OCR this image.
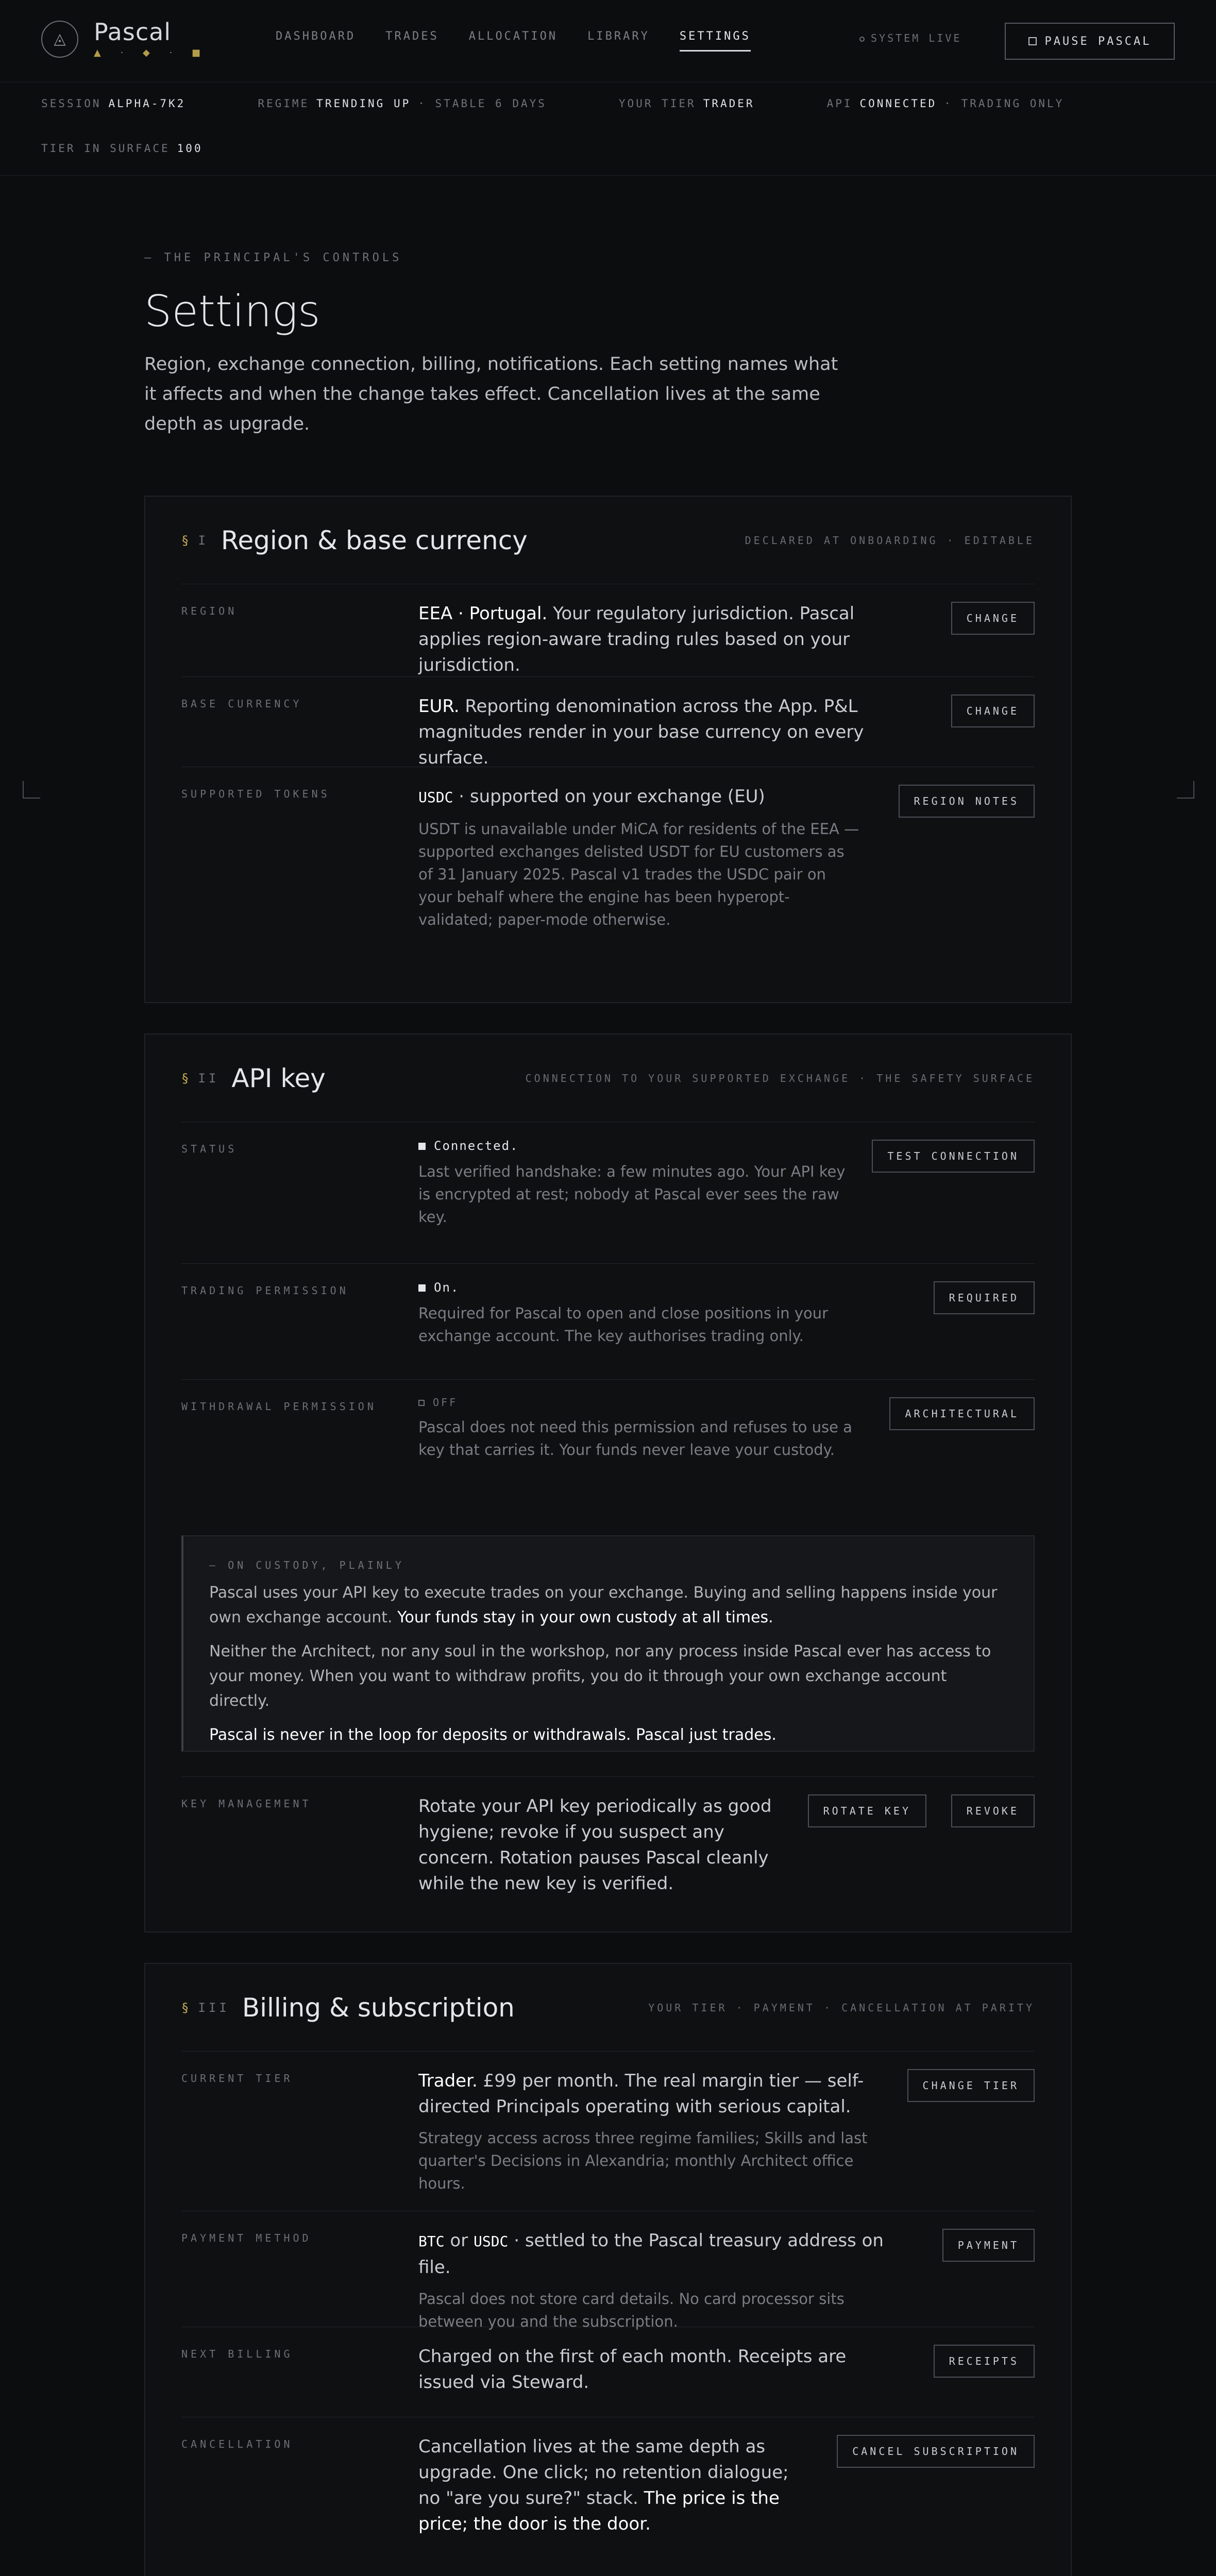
◬	Pascal
▲ · ◆ · ■
DASHBOARD	TRADES	ALLOCATION	LIBRARY	SETTINGS	SYSTEM LIVE	PAUSE PASCAL
SESSION ALPHA-7K2	REGIME TRENDING UP · STABLE 6 DAYS	YOUR TIER TRADER	API CONNECTED · TRADING ONLY
TIER IN SURFACE 100
— THE PRINCIPAL'S CONTROLS
Settings
Region, exchange connection, billing, notifications. Each setting names what it affects and when the change takes effect. Cancellation lives at the same depth as upgrade.
§ I Region & base currency	DECLARED AT ONBOARDING · EDITABLE
REGION	EEA · Portugal. Your regulatory jurisdiction. Pascal applies region-aware trading rules based on your jurisdiction.
CHANGE
BASE CURRENCY	EUR. Reporting denomination across the App. P&L magnitudes render in your base currency on every surface.
CHANGE
SUPPORTED TOKENS	USDC · supported on your exchange (EU)
USDT is unavailable under MiCA for residents of the EEA — supported exchanges delisted USDT for EU customers as of 31 January 2025. Pascal v1 trades the USDC pair on your behalf where the engine has been hyperopt-validated; paper-mode otherwise.
REGION NOTES
§ II API key	CONNECTION TO YOUR SUPPORTED EXCHANGE · THE SAFETY SURFACE
STATUS	Connected.
Last verified handshake: a few minutes ago. Your API key is encrypted at rest; nobody at Pascal ever sees the raw key.
TEST CONNECTION
TRADING PERMISSION	On.
Required for Pascal to open and close positions in your exchange account. The key authorises trading only.
REQUIRED
WITHDRAWAL PERMISSION	OFF
Pascal does not need this permission and refuses to use a key that carries it. Your funds never leave your custody.
ARCHITECTURAL
— ON CUSTODY, PLAINLY

Pascal uses your API key to execute trades on your exchange. Buying and selling happens inside your own exchange account. Your funds stay in your own custody at all times.

Neither the Architect, nor any soul in the workshop, nor any process inside Pascal ever has access to your money. When you want to withdraw profits, you do it through your own exchange account directly.

Pascal is never in the loop for deposits or withdrawals. Pascal just trades.

KEY MANAGEMENT	Rotate your API key periodically as good hygiene; revoke if you suspect any concern. Rotation pauses Pascal cleanly while the new key is verified.
ROTATE KEY	REVOKE
§ III Billing & subscription	YOUR TIER · PAYMENT · CANCELLATION AT PARITY
CURRENT TIER	Trader. £99 per month. The real margin tier — self-directed Principals operating with serious capital.
Strategy access across three regime families; Skills and last quarter's Decisions in Alexandria; monthly Architect office hours.
CHANGE TIER
PAYMENT METHOD	BTC or USDC · settled to the Pascal treasury address on file.
Pascal does not store card details. No card processor sits between you and the subscription.
PAYMENT
NEXT BILLING	Charged on the first of each month. Receipts are issued via Steward.
RECEIPTS
CANCELLATION	Cancellation lives at the same depth as upgrade. One click; no retention dialogue; no "are you sure?" stack. The price is the price; the door is the door.
CANCEL SUBSCRIPTION
